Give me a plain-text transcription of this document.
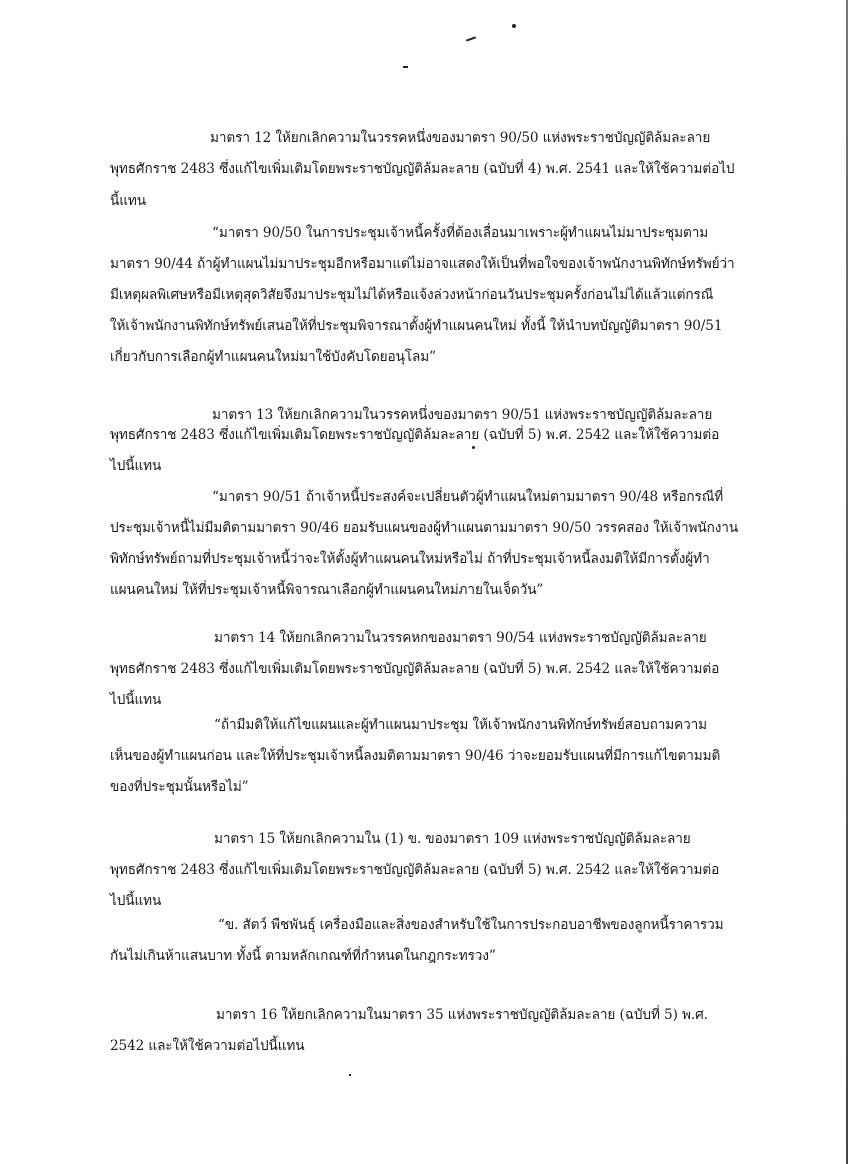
มาตรา 12 ให้ยกเลิกความในวรรคหนึ่งของมาตรา 90/50 แห่งพระราชบัญญัติล้มละลาย
พุทธศักราช 2483 ซึ่งแก้ไขเพิ่มเติมโดยพระราชบัญญัติล้มละลาย (ฉบับที่ 4) พ.ศ. 2541 และให้ใช้ความต่อไป
นี้แทน
“มาตรา 90/50 ในการประชุมเจ้าหนี้ครั้งที่ต้องเลื่อนมาเพราะผู้ทำแผนไม่มาประชุมตาม
มาตรา 90/44 ถ้าผู้ทำแผนไม่มาประชุมอีกหรือมาแต่ไม่อาจแสดงให้เป็นที่พอใจของเจ้าพนักงานพิทักษ์ทรัพย์ว่า
มีเหตุผลพิเศษหรือมีเหตุสุดวิสัยจึงมาประชุมไม่ได้หรือแจ้งล่วงหน้าก่อนวันประชุมครั้งก่อนไม่ได้แล้วแต่กรณี
ให้เจ้าพนักงานพิทักษ์ทรัพย์เสนอให้ที่ประชุมพิจารณาตั้งผู้ทำแผนคนใหม่ ทั้งนี้ ให้นำบทบัญญัติมาตรา 90/51
เกี่ยวกับการเลือกผู้ทำแผนคนใหม่มาใช้บังคับโดยอนุโลม”
มาตรา 13 ให้ยกเลิกความในวรรคหนึ่งของมาตรา 90/51 แห่งพระราชบัญญัติล้มละลาย
พุทธศักราช 2483 ซึ่งแก้ไขเพิ่มเติมโดยพระราชบัญญัติล้มละลาย (ฉบับที่ 5) พ.ศ. 2542 และให้ใช้ความต่อ
ไปนี้แทน
“มาตรา 90/51 ถ้าเจ้าหนี้ประสงค์จะเปลี่ยนตัวผู้ทำแผนใหม่ตามมาตรา 90/48 หรือกรณีที่
ประชุมเจ้าหนี้ไม่มีมติตามมาตรา 90/46 ยอมรับแผนของผู้ทำแผนตามมาตรา 90/50 วรรคสอง ให้เจ้าพนักงาน
พิทักษ์ทรัพย์ถามที่ประชุมเจ้าหนี้ว่าจะให้ตั้งผู้ทำแผนคนใหม่หรือไม่ ถ้าที่ประชุมเจ้าหนี้ลงมติให้มีการตั้งผู้ทำ
แผนคนใหม่ ให้ที่ประชุมเจ้าหนี้พิจารณาเลือกผู้ทำแผนคนใหม่ภายในเจ็ดวัน”
มาตรา 14 ให้ยกเลิกความในวรรคหกของมาตรา 90/54 แห่งพระราชบัญญัติล้มละลาย
พุทธศักราช 2483 ซึ่งแก้ไขเพิ่มเติมโดยพระราชบัญญัติล้มละลาย (ฉบับที่ 5) พ.ศ. 2542 และให้ใช้ความต่อ
ไปนี้แทน
“ถ้ามีมติให้แก้ไขแผนและผู้ทำแผนมาประชุม ให้เจ้าพนักงานพิทักษ์ทรัพย์สอบถามความ
เห็นของผู้ทำแผนก่อน และให้ที่ประชุมเจ้าหนี้ลงมติตามมาตรา 90/46 ว่าจะยอมรับแผนที่มีการแก้ไขตามมติ
ของที่ประชุมนั้นหรือไม่”
มาตรา 15 ให้ยกเลิกความใน (1) ข. ของมาตรา 109 แห่งพระราชบัญญัติล้มละลาย
พุทธศักราช 2483 ซึ่งแก้ไขเพิ่มเติมโดยพระราชบัญญัติล้มละลาย (ฉบับที่ 5) พ.ศ. 2542 และให้ใช้ความต่อ
ไปนี้แทน
“ข. สัตว์ พืชพันธุ์ เครื่องมือและสิ่งของสำหรับใช้ในการประกอบอาชีพของลูกหนี้ราคารวม
กันไม่เกินห้าแสนบาท ทั้งนี้ ตามหลักเกณฑ์ที่กำหนดในกฎกระทรวง”
มาตรา 16 ให้ยกเลิกความในมาตรา 35 แห่งพระราชบัญญัติล้มละลาย (ฉบับที่ 5) พ.ศ.
2542 และให้ใช้ความต่อไปนี้แทน
